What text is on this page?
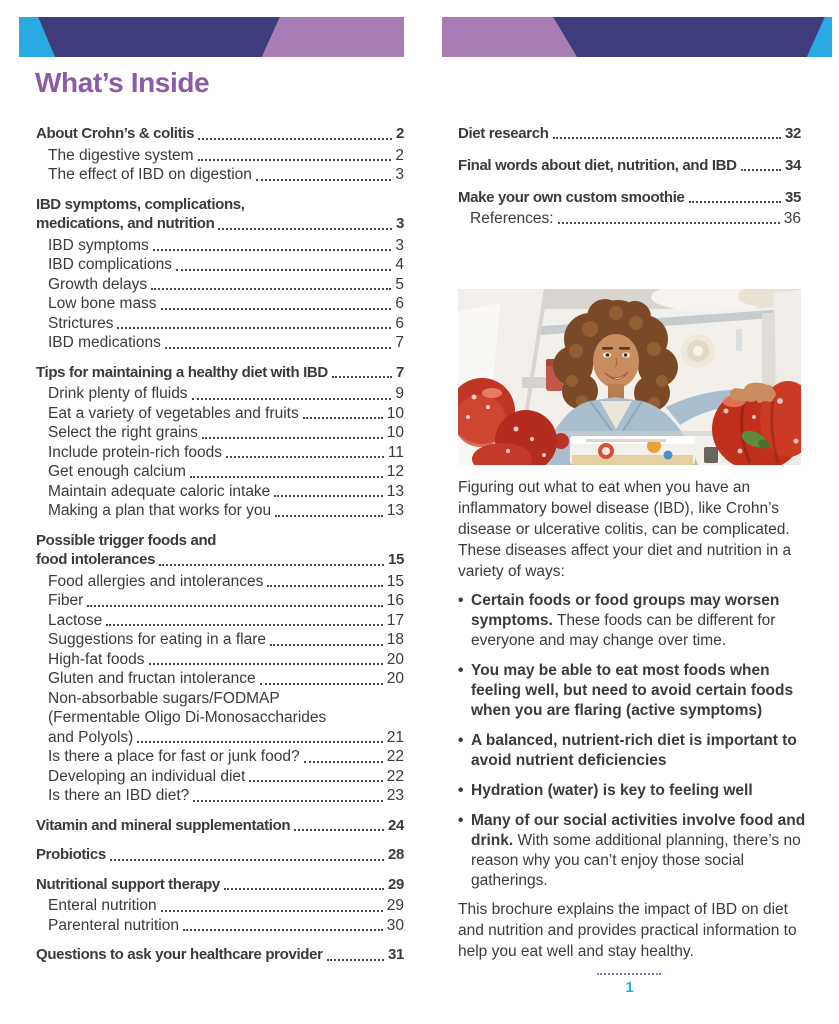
What’s Inside
About Crohn’s & colitis	2
The digestive system	2
The effect of IBD on digestion	3
IBD symptoms, complications,
medications, and nutrition	3
IBD symptoms	3
IBD complications	4
Growth delays	5
Low bone mass	6
Strictures	6
IBD medications	7
Tips for maintaining a healthy diet with IBD	7
Drink plenty of fluids	9
Eat a variety of vegetables and fruits	10
Select the right grains	10
Include protein-rich foods	11
Get enough calcium	12
Maintain adequate caloric intake	13
Making a plan that works for you	13
Possible trigger foods and
food intolerances	15
Food allergies and intolerances	15
Fiber	16
Lactose	17
Suggestions for eating in a flare	18
High-fat foods	20
Gluten and fructan intolerance	20
Non-absorbable sugars/FODMAP
(Fermentable Oligo Di-Monosaccharides
and Polyols)	21
Is there a place for fast or junk food?	22
Developing an individual diet	22
Is there an IBD diet?	23
Vitamin and mineral supplementation	24
Probiotics	28
Nutritional support therapy	29
Enteral nutrition	29
Parenteral nutrition	30
Questions to ask your healthcare provider	31
Diet research	32
Final words about diet, nutrition, and IBD	34
Make your own custom smoothie	35
References:	36

Figuring out what to eat when you have an inflammatory bowel disease (IBD), like Crohn’s disease or ulcerative colitis, can be complicated. These diseases affect your diet and nutrition in a variety of ways:

• Certain foods or food groups may worsen symptoms. These foods can be different for everyone and may change over time.
• You may be able to eat most foods when feeling well, but need to avoid certain foods when you are flaring (active symptoms)
• A balanced, nutrient-rich diet is important to avoid nutrient deficiencies
• Hydration (water) is key to feeling well
• Many of our social activities involve food and drink. With some additional planning, there’s no reason why you can’t enjoy those social gatherings.

This brochure explains the impact of IBD on diet and nutrition and provides practical information to help you eat well and stay healthy.

1
